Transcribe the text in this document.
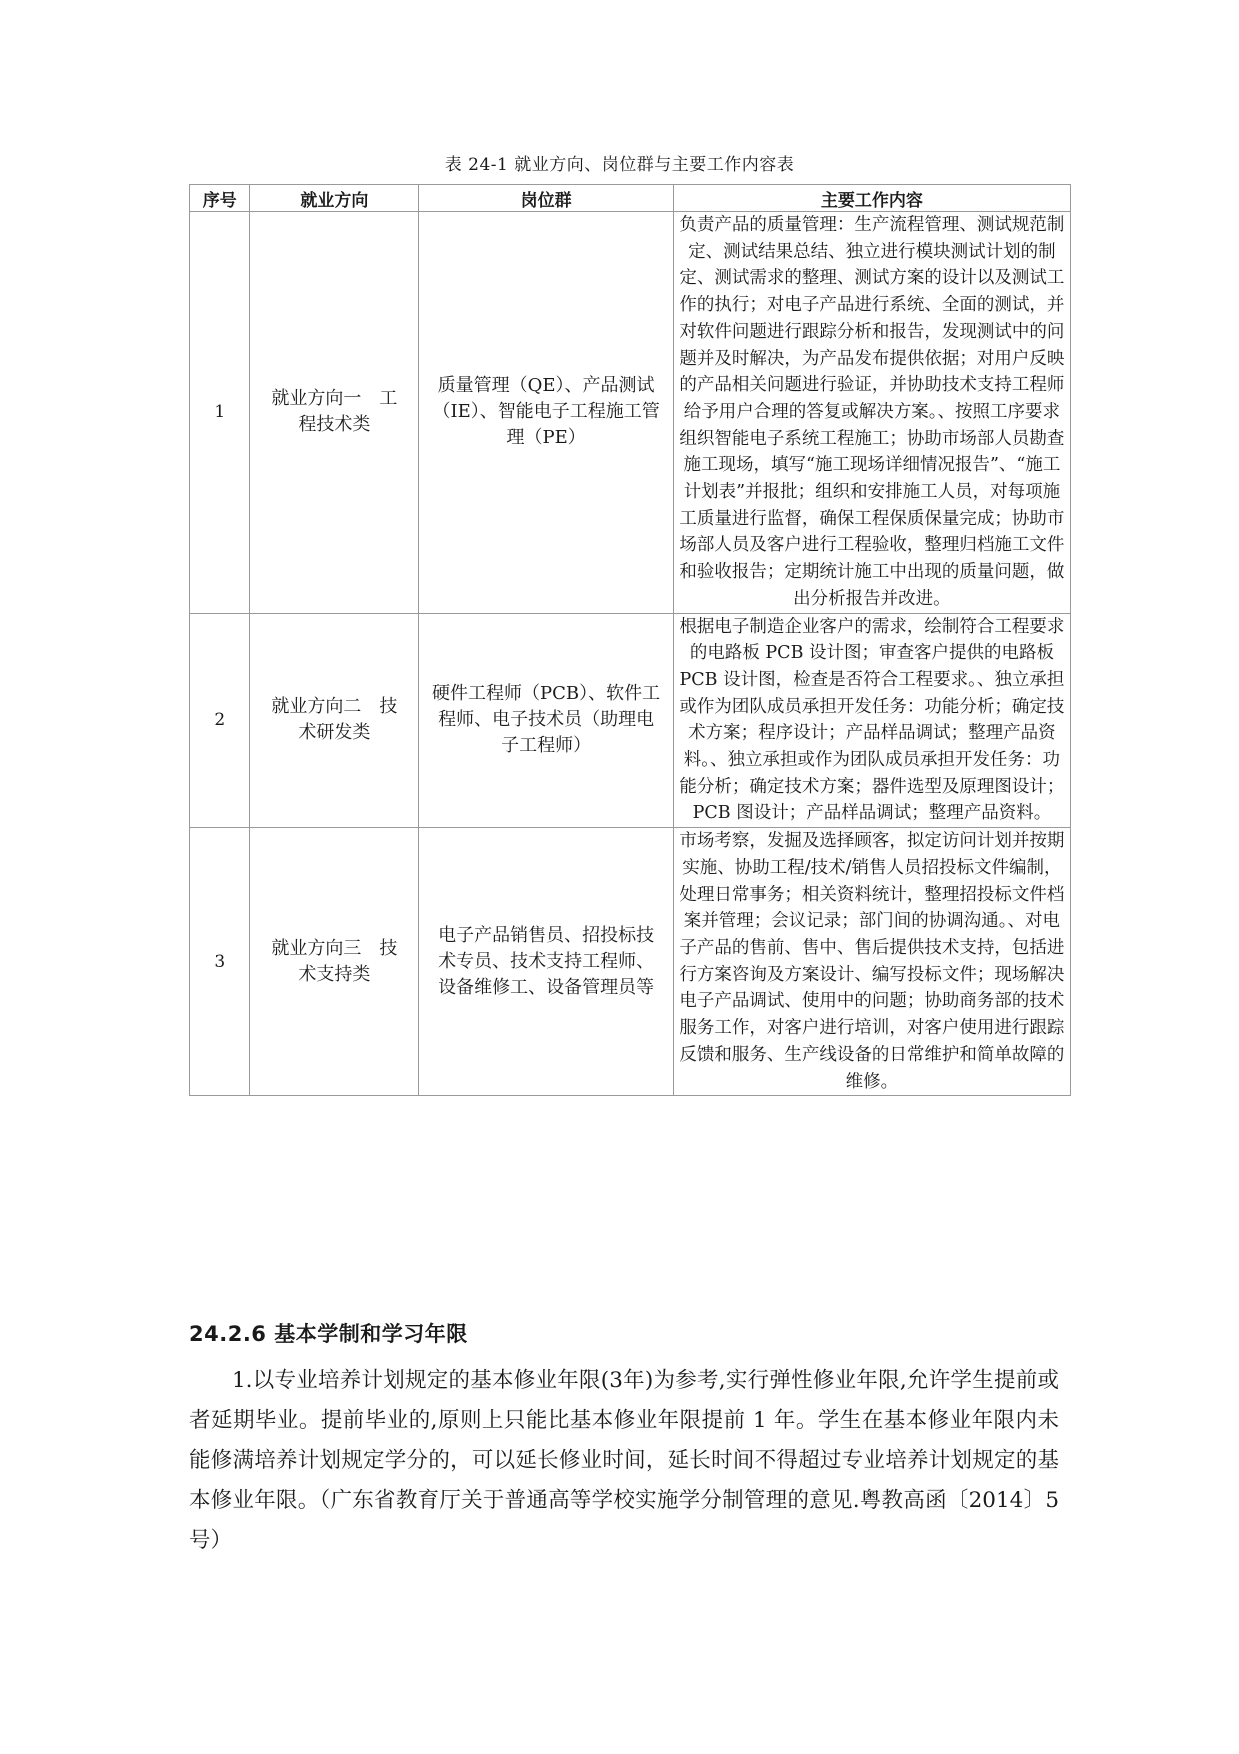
表 24-1 就业方向、岗位群与主要工作内容表
序号	就业方向	岗位群	主要工作内容
1	就业方向一　工程技术类	质量管理（QE）、产品测试（IE）、智能电子工程施工管理（PE）	负责产品的质量管理：生产流程管理、测试规范制定、测试结果总结、独立进行模块测试计划的制定、测试需求的整理、测试方案的设计以及测试工作的执行；对电子产品进行系统、全面的测试，并对软件问题进行跟踪分析和报告，发现测试中的问题并及时解决，为产品发布提供依据；对用户反映的产品相关问题进行验证，并协助技术支持工程师给予用户合理的答复或解决方案。、按照工序要求组织智能电子系统工程施工；协助市场部人员勘查施工现场，填写“施工现场详细情况报告”、“施工计划表”并报批；组织和安排施工人员，对每项施工质量进行监督，确保工程保质保量完成；协助市场部人员及客户进行工程验收，整理归档施工文件和验收报告；定期统计施工中出现的质量问题，做出分析报告并改进。
2	就业方向二　技术研发类	硬件工程师（PCB）、软件工程师、电子技术员（助理电子工程师）	根据电子制造企业客户的需求，绘制符合工程要求的电路板 PCB 设计图；审查客户提供的电路板 PCB 设计图，检查是否符合工程要求。、独立承担或作为团队成员承担开发任务：功能分析；确定技术方案；程序设计；产品样品调试；整理产品资料。、独立承担或作为团队成员承担开发任务：功能分析；确定技术方案；器件选型及原理图设计； PCB 图设计；产品样品调试；整理产品资料。
3	就业方向三　技术支持类	电子产品销售员、招投标技术专员、技术支持工程师、设备维修工、设备管理员等	市场考察，发掘及选择顾客，拟定访问计划并按期实施、协助工程/技术/销售人员招投标文件编制，处理日常事务；相关资料统计，整理招投标文件档案并管理；会议记录；部门间的协调沟通。、对电子产品的售前、售中、售后提供技术支持，包括进行方案咨询及方案设计、编写投标文件；现场解决电子产品调试、使用中的问题；协助商务部的技术服务工作，对客户进行培训，对客户使用进行跟踪反馈和服务、生产线设备的日常维护和简单故障的维修。
24.2.6 基本学制和学习年限

1.以专业培养计划规定的基本修业年限(3年)为参考,实行弹性修业年限,允许学生提前或者延期毕业。提前毕业的,原则上只能比基本修业年限提前 1 年。学生在基本修业年限内未能修满培养计划规定学分的，可以延长修业时间，延长时间不得超过专业培养计划规定的基本修业年限。（广东省教育厅关于普通高等学校实施学分制管理的意见.粤教高函〔2014〕5 号）
